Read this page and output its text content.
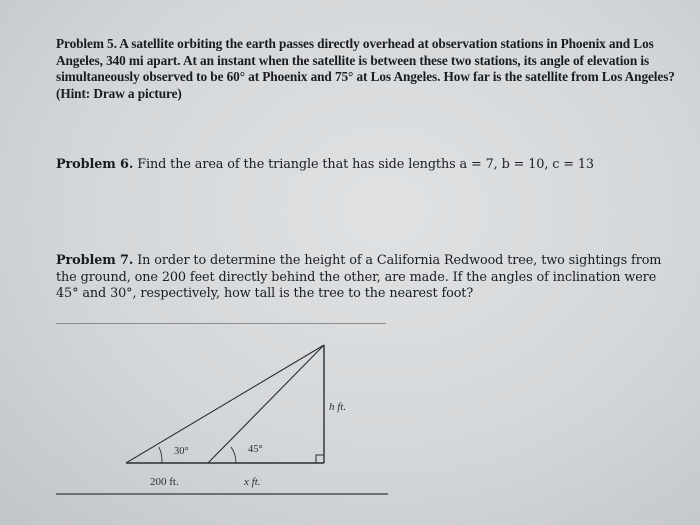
Problem 5. A satellite orbiting the earth passes directly overhead at observation stations in Phoenix and Los Angeles, 340 mi apart. At an instant when the satellite is between these two stations, its angle of elevation is simultaneously observed to be 60° at Phoenix and 75° at Los Angeles. How far is the satellite from Los Angeles? (Hint: Draw a picture)
Problem 6. Find the area of the triangle that has side lengths a = 7, b = 10, c = 13
Problem 7. In order to determine the height of a California Redwood tree, two sightings from the ground, one 200 feet directly behind the other, are made. If the angles of inclination were 45° and 30°, respectively, how tall is the tree to the nearest foot?
30°	45°
h ft.
200 ft.	x ft.
